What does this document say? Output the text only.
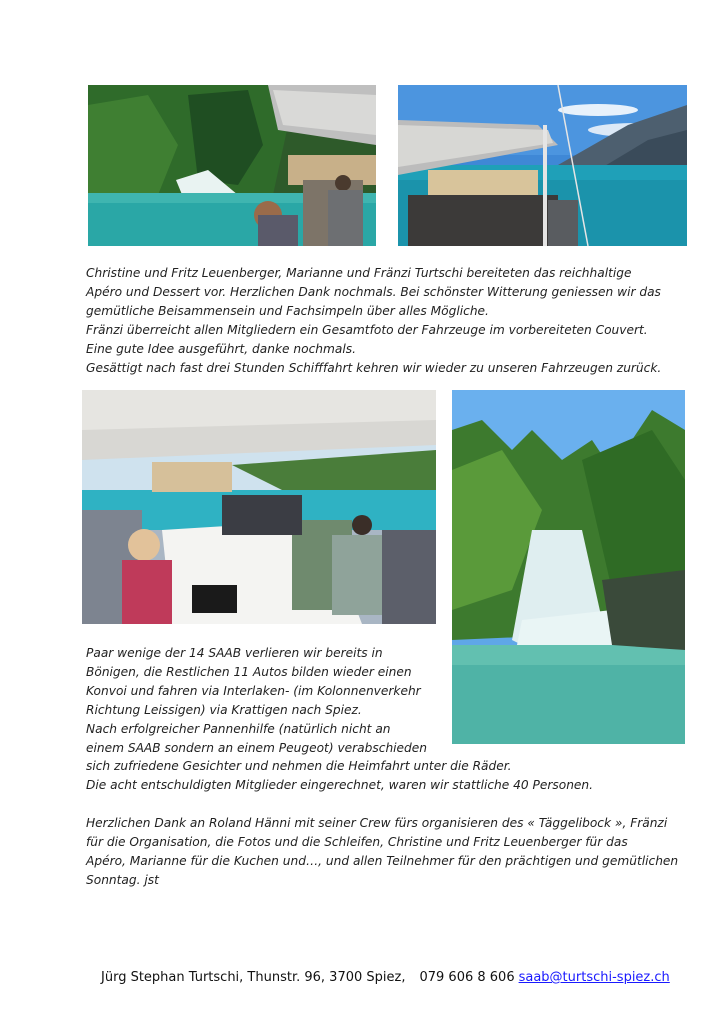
Christine und Fritz Leuenberger, Marianne und Fränzi Turtschi bereiteten das reichhaltige
Apéro und Dessert vor. Herzlichen Dank nochmals. Bei schönster Witterung geniessen wir das
gemütliche Beisammensein und Fachsimpeln über alles Mögliche.
Fränzi überreicht allen Mitgliedern ein Gesamtfoto der Fahrzeuge im vorbereiteten Couvert.
Eine gute Idee ausgeführt, danke nochmals.
Gesättigt nach fast drei Stunden Schifffahrt kehren wir wieder zu unseren Fahrzeugen zurück.

Paar wenige der 14 SAAB verlieren wir bereits in
Bönigen, die Restlichen 11 Autos bilden wieder einen
Konvoi und fahren via Interlaken- (im Kolonnenverkehr
Richtung Leissigen) via Krattigen nach Spiez.
Nach erfolgreicher Pannenhilfe (natürlich nicht an
einem SAAB sondern an einem Peugeot) verabschieden
sich zufriedene Gesichter und nehmen die Heimfahrt unter die Räder.
Die acht entschuldigten Mitglieder eingerechnet, waren wir stattliche 40 Personen.

Herzlichen Dank an Roland Hänni mit seiner Crew fürs organisieren des « Täggelibock », Fränzi
für die Organisation, die Fotos und die Schleifen, Christine und Fritz Leuenberger für das
Apéro, Marianne für die Kuchen und…, und allen Teilnehmer für den prächtigen und gemütlichen
Sonntag. jst

Jürg Stephan Turtschi, Thunstr. 96, 3700 Spiez, 079 606 8 606 saab@turtschi-spiez.ch
